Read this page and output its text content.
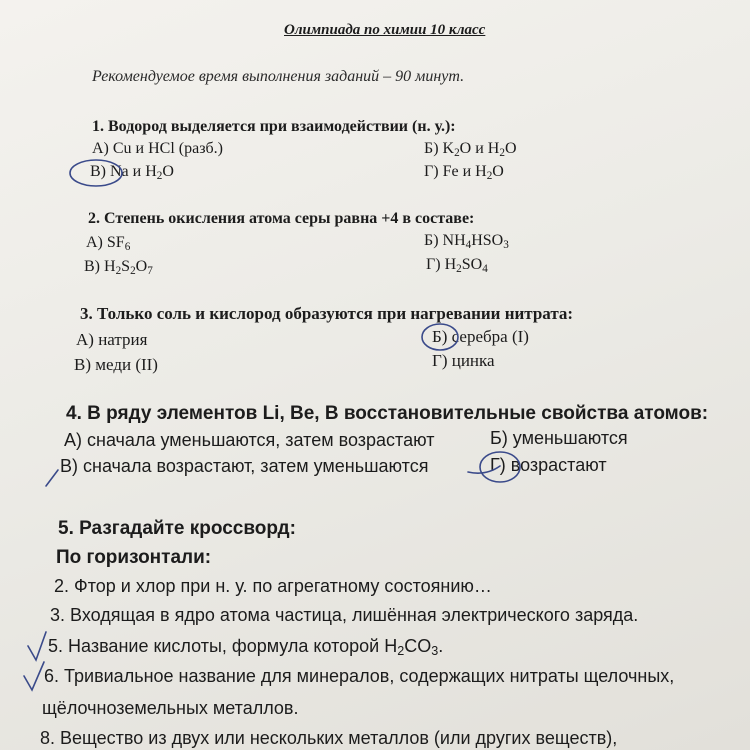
Олимпиада по химии 10 класс
Рекомендуемое время выполнения заданий – 90 минут.
1. Водород выделяется при взаимодействии (н. у.):
А) Cu и HCl (разб.)	Б) $K_2O$ и $H_2O$
В) Na и $H_2O$	Г) Fe и $H_2O$
2. Степень окисления атома серы равна +4 в составе:
А) $SF_6$	Б) $NH_4HSO_3$
В) $H_2S_2O_7$	Г) $H_2SO_4$
3. Только соль и кислород образуются при нагревании нитрата:
А) натрия	Б) серебра (I)
В) меди (II)	Г) цинка
4. В ряду элементов Li, Be, B восстановительные свойства атомов:
А) сначала уменьшаются, затем возрастают	Б) уменьшаются
В) сначала возрастают, затем уменьшаются	Г) возрастают
5. Разгадайте кроссворд:
По горизонтали:
2. Фтор и хлор при н. у. по агрегатному состоянию…
3. Входящая в ядро атома частица, лишённая электрического заряда.
5. Название кислоты, формула которой $H_2CO_3$.
6. Тривиальное название для минералов, содержащих нитраты щелочных,
щёлочноземельных металлов.
8. Вещество из двух или нескольких металлов (или других веществ),
